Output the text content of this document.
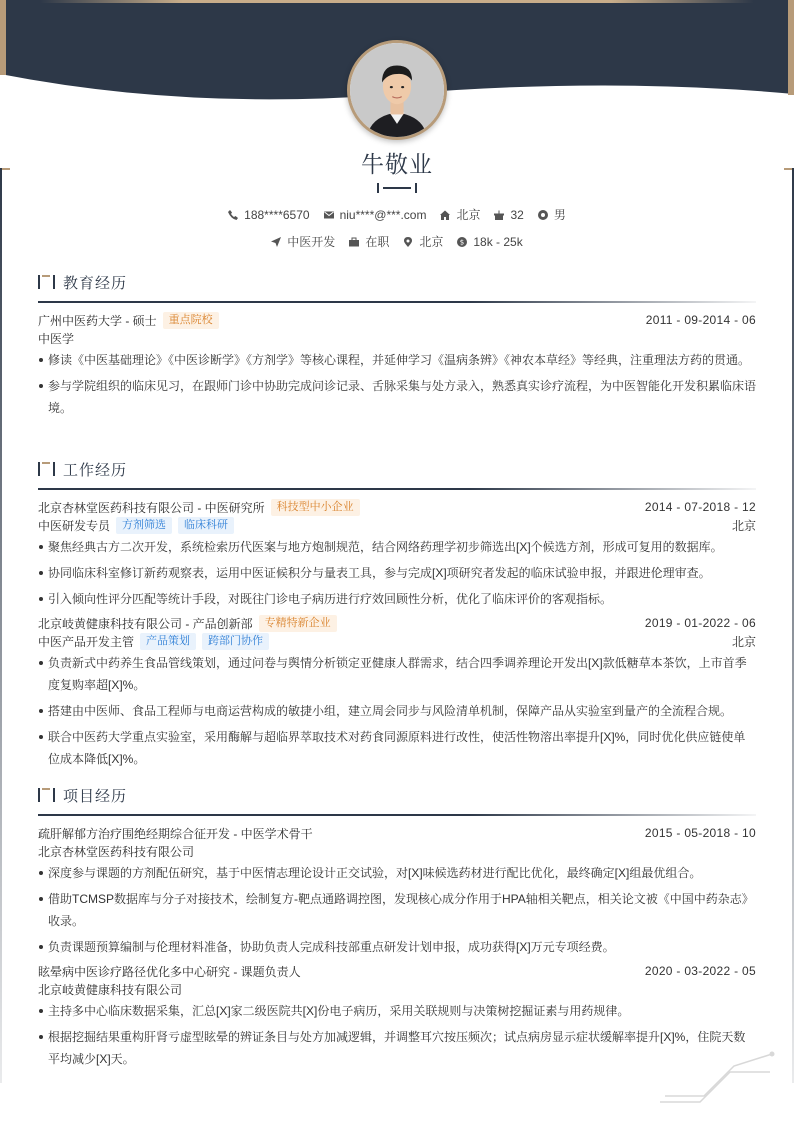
牛敬业
188****6570	niu****@***.com	北京	32	男
中医开发	在职	北京 $ 18k - 25k
教育经历
广州中医药大学 - 硕士	重点院校	2011 - 09-2014 - 06
中医学
修读《中医基础理论》《中医诊断学》《方剂学》等核心课程，并延伸学习《温病条辨》《神农本草经》等经典，注重理法方药的贯通。
参与学院组织的临床见习，在跟师门诊中协助完成问诊记录、舌脉采集与处方录入，熟悉真实诊疗流程，为中医智能化开发积累临床语境。
工作经历
北京杏林堂医药科技有限公司 - 中医研究所	科技型中小企业	2014 - 07-2018 - 12
中医研发专员	方剂筛选	临床科研	北京
聚焦经典古方二次开发，系统检索历代医案与地方炮制规范，结合网络药理学初步筛选出[X]个候选方剂，形成可复用的数据库。
协同临床科室修订新药观察表，运用中医证候积分与量表工具，参与完成[X]项研究者发起的临床试验申报，并跟进伦理审查。
引入倾向性评分匹配等统计手段，对既往门诊电子病历进行疗效回顾性分析，优化了临床评价的客观指标。
北京岐黄健康科技有限公司 - 产品创新部	专精特新企业	2019 - 01-2022 - 06
中医产品开发主管	产品策划	跨部门协作	北京
负责新式中药养生食品管线策划，通过问卷与舆情分析锁定亚健康人群需求，结合四季调养理论开发出[X]款低糖草本茶饮，上市首季度复购率超[X]%。
搭建由中医师、食品工程师与电商运营构成的敏捷小组，建立周会同步与风险清单机制，保障产品从实验室到量产的全流程合规。
联合中医药大学重点实验室，采用酶解与超临界萃取技术对药食同源原料进行改性，使活性物溶出率提升[X]%，同时优化供应链使单位成本降低[X]%。
项目经历
疏肝解郁方治疗围绝经期综合征开发 - 中医学术骨干	2015 - 05-2018 - 10
北京杏林堂医药科技有限公司
深度参与课题的方剂配伍研究，基于中医情志理论设计正交试验，对[X]味候选药材进行配比优化，最终确定[X]组最优组合。
借助TCMSP数据库与分子对接技术，绘制复方-靶点通路调控图，发现核心成分作用于HPA轴相关靶点，相关论文被《中国中药杂志》收录。
负责课题预算编制与伦理材料准备，协助负责人完成科技部重点研发计划申报，成功获得[X]万元专项经费。
眩晕病中医诊疗路径优化多中心研究 - 课题负责人	2020 - 03-2022 - 05
北京岐黄健康科技有限公司
主持多中心临床数据采集，汇总[X]家二级医院共[X]份电子病历，采用关联规则与决策树挖掘证素与用药规律。
根据挖掘结果重构肝肾亏虚型眩晕的辨证条目与处方加减逻辑，并调整耳穴按压频次；试点病房显示症状缓解率提升[X]%，住院天数平均减少[X]天。
